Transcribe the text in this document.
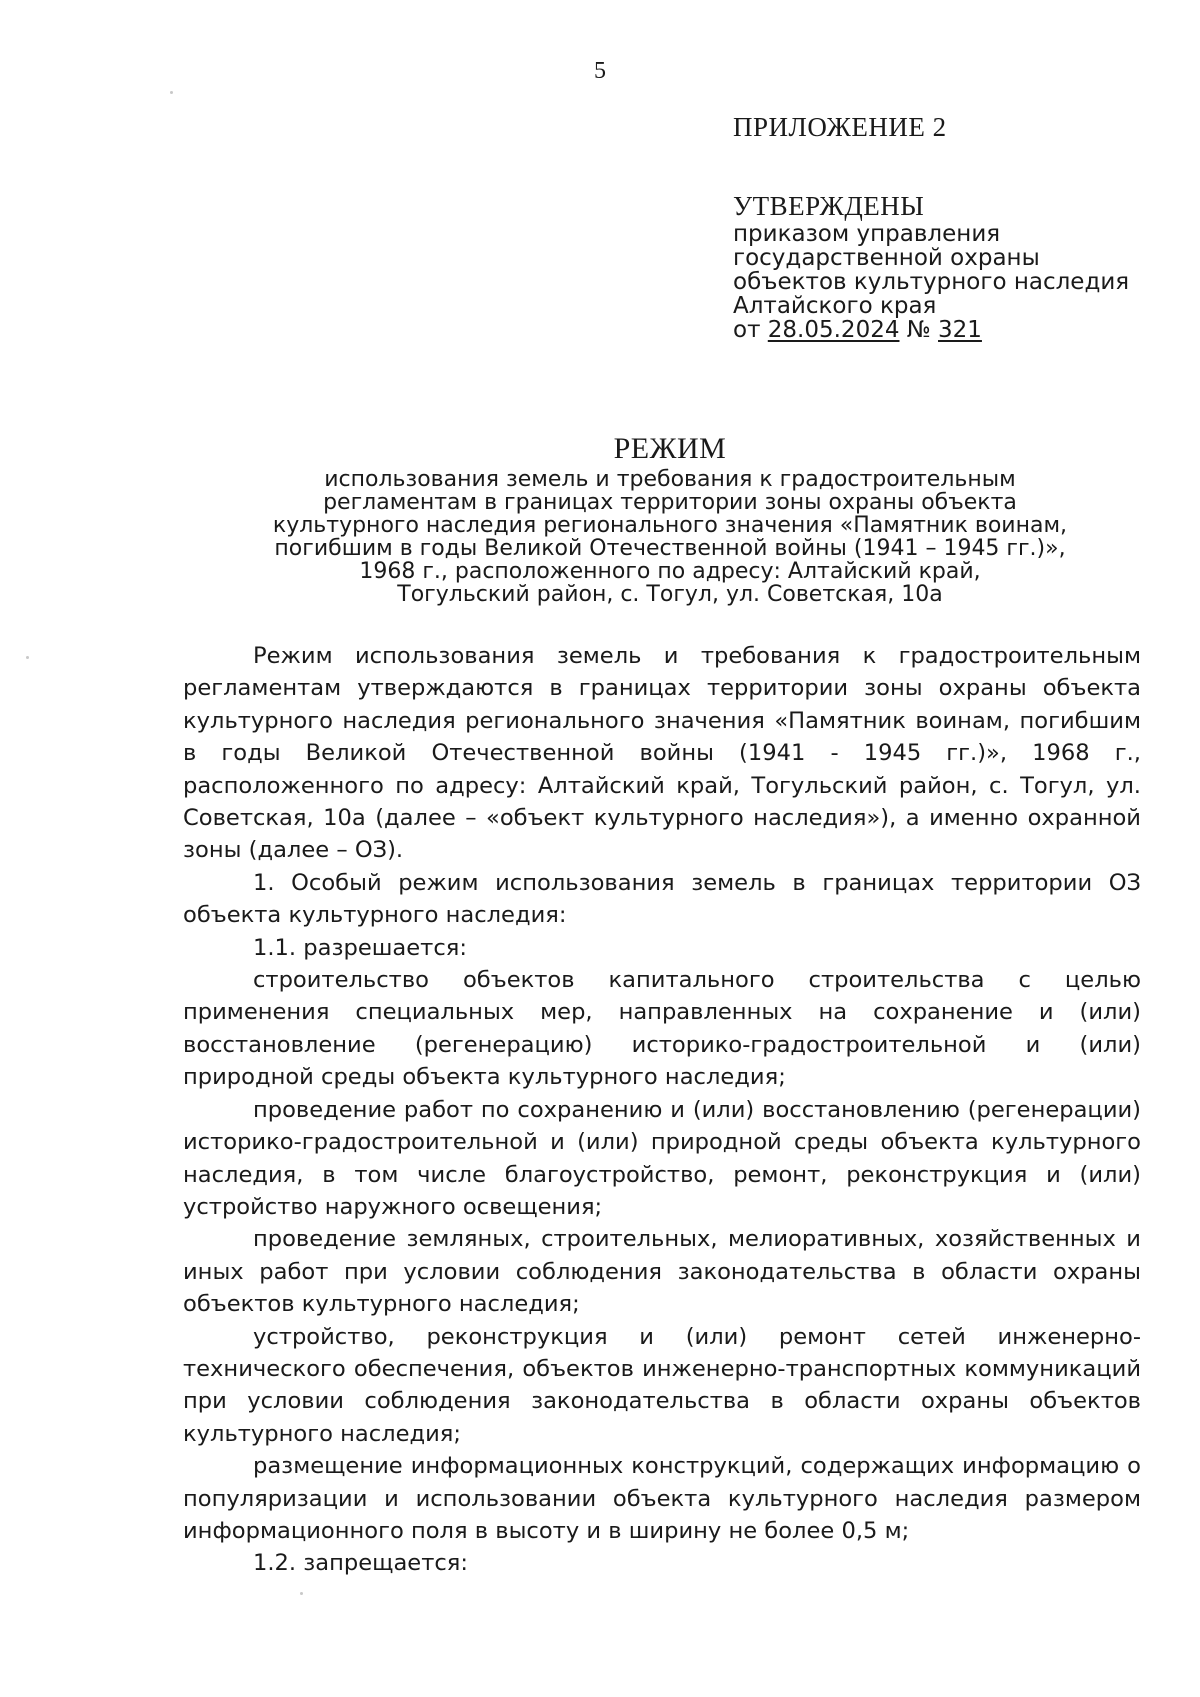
5
ПРИЛОЖЕНИЕ 2
УТВЕРЖДЕНЫ
приказом управления
государственной охраны
объектов культурного наследия
Алтайского края
от 28.05.2024 № 321
РЕЖИМ
использования земель и требования к градостроительным
регламентам в границах территории зоны охраны объекта
культурного наследия регионального значения «Памятник воинам,
погибшим в годы Великой Отечественной войны (1941 – 1945 гг.)»,
1968 г., расположенного по адресу: Алтайский край,
Тогульский район, с. Тогул, ул. Советская, 10а

Режим использования земель и требования к градостроительным регламентам утверждаются в границах территории зоны охраны объекта культурного наследия регионального значения «Памятник воинам, погибшим в годы Великой Отечественной войны (1941 - 1945 гг.)», 1968 г., расположенного по адресу: Алтайский край, Тогульский район, с. Тогул, ул. Советская, 10а (далее – «объект культурного наследия»), а именно охранной зоны (далее – ОЗ).

1. Особый режим использования земель в границах территории ОЗ объекта культурного наследия:

1.1. разрешается:

строительство объектов капитального строительства с целью применения специальных мер, направленных на сохранение и (или) восстановление (регенерацию) историко-градостроительной и (или) природной среды объекта культурного наследия;

проведение работ по сохранению и (или) восстановлению (регенерации) историко-градостроительной и (или) природной среды объекта культурного наследия, в том числе благоустройство, ремонт, реконструкция и (или) устройство наружного освещения;

проведение земляных, строительных, мелиоративных, хозяйственных и иных работ при условии соблюдения законодательства в области охраны объектов культурного наследия;

устройство, реконструкция и (или) ремонт сетей инженерно-технического обеспечения, объектов инженерно-транспортных коммуникаций при условии соблюдения законодательства в области охраны объектов культурного наследия;

размещение информационных конструкций, содержащих информацию о популяризации и использовании объекта культурного наследия размером информационного поля в высоту и в ширину не более 0,5 м;

1.2. запрещается:
